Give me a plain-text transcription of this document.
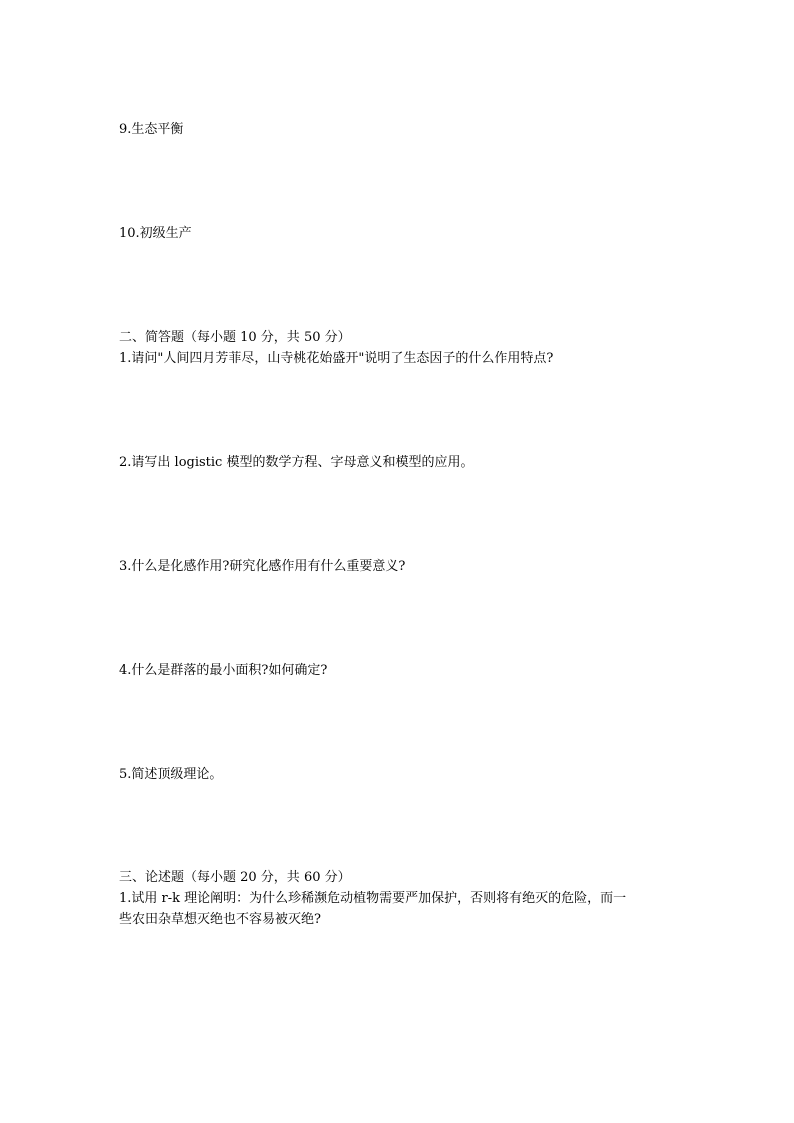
9.生态平衡

10.初级生产

二、简答题（每小题 10 分，共 50 分）

1.请问"人间四月芳菲尽，山寺桃花始盛开"说明了生态因子的什么作用特点?

2.请写出 logistic 模型的数学方程、字母意义和模型的应用。

3.什么是化感作用?研究化感作用有什么重要意义?

4.什么是群落的最小面积?如何确定?

5.简述顶级理论。

三、论述题（每小题 20 分，共 60 分）

1.试用 r-k 理论阐明：为什么珍稀濒危动植物需要严加保护，否则将有绝灭的危险，而一

些农田杂草想灭绝也不容易被灭绝?
